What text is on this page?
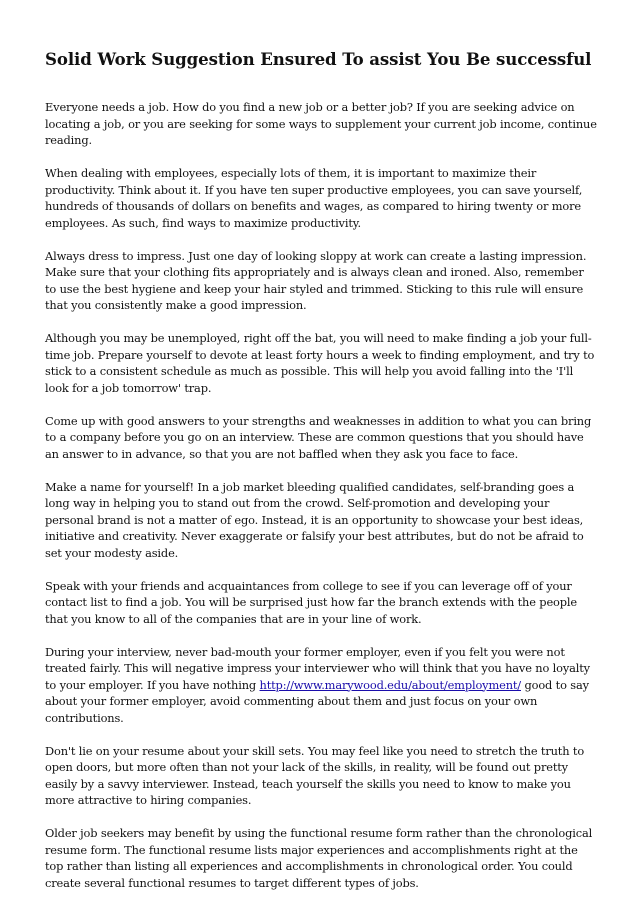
Solid Work Suggestion Ensured To assist You Be successful

Everyone needs a job. How do you find a new job or a better job? If you are seeking advice on locating a job, or you are seeking for some ways to supplement your current job income, continue reading.

When dealing with employees, especially lots of them, it is important to maximize their productivity. Think about it. If you have ten super productive employees, you can save yourself, hundreds of thousands of dollars on benefits and wages, as compared to hiring twenty or more employees. As such, find ways to maximize productivity.

Always dress to impress. Just one day of looking sloppy at work can create a lasting impression. Make sure that your clothing fits appropriately and is always clean and ironed. Also, remember to use the best hygiene and keep your hair styled and trimmed. Sticking to this rule will ensure that you consistently make a good impression.

Although you may be unemployed, right off the bat, you will need to make finding a job your full-time job. Prepare yourself to devote at least forty hours a week to finding employment, and try to stick to a consistent schedule as much as possible. This will help you avoid falling into the 'I'll look for a job tomorrow' trap.

Come up with good answers to your strengths and weaknesses in addition to what you can bring to a company before you go on an interview. These are common questions that you should have an answer to in advance, so that you are not baffled when they ask you face to face.

Make a name for yourself! In a job market bleeding qualified candidates, self-branding goes a long way in helping you to stand out from the crowd. Self-promotion and developing your personal brand is not a matter of ego. Instead, it is an opportunity to showcase your best ideas, initiative and creativity. Never exaggerate or falsify your best attributes, but do not be afraid to set your modesty aside.

Speak with your friends and acquaintances from college to see if you can leverage off of your contact list to find a job. You will be surprised just how far the branch extends with the people that you know to all of the companies that are in your line of work.

During your interview, never bad-mouth your former employer, even if you felt you were not treated fairly. This will negative impress your interviewer who will think that you have no loyalty to your employer. If you have nothing http://www.marywood.edu/about/employment/ good to say about your former employer, avoid commenting about them and just focus on your own contributions.

Don't lie on your resume about your skill sets. You may feel like you need to stretch the truth to open doors, but more often than not your lack of the skills, in reality, will be found out pretty easily by a savvy interviewer. Instead, teach yourself the skills you need to know to make you more attractive to hiring companies.

Older job seekers may benefit by using the functional resume form rather than the chronological resume form. The functional resume lists major experiences and accomplishments right at the top rather than listing all experiences and accomplishments in chronological order. You could create several functional resumes to target different types of jobs.
